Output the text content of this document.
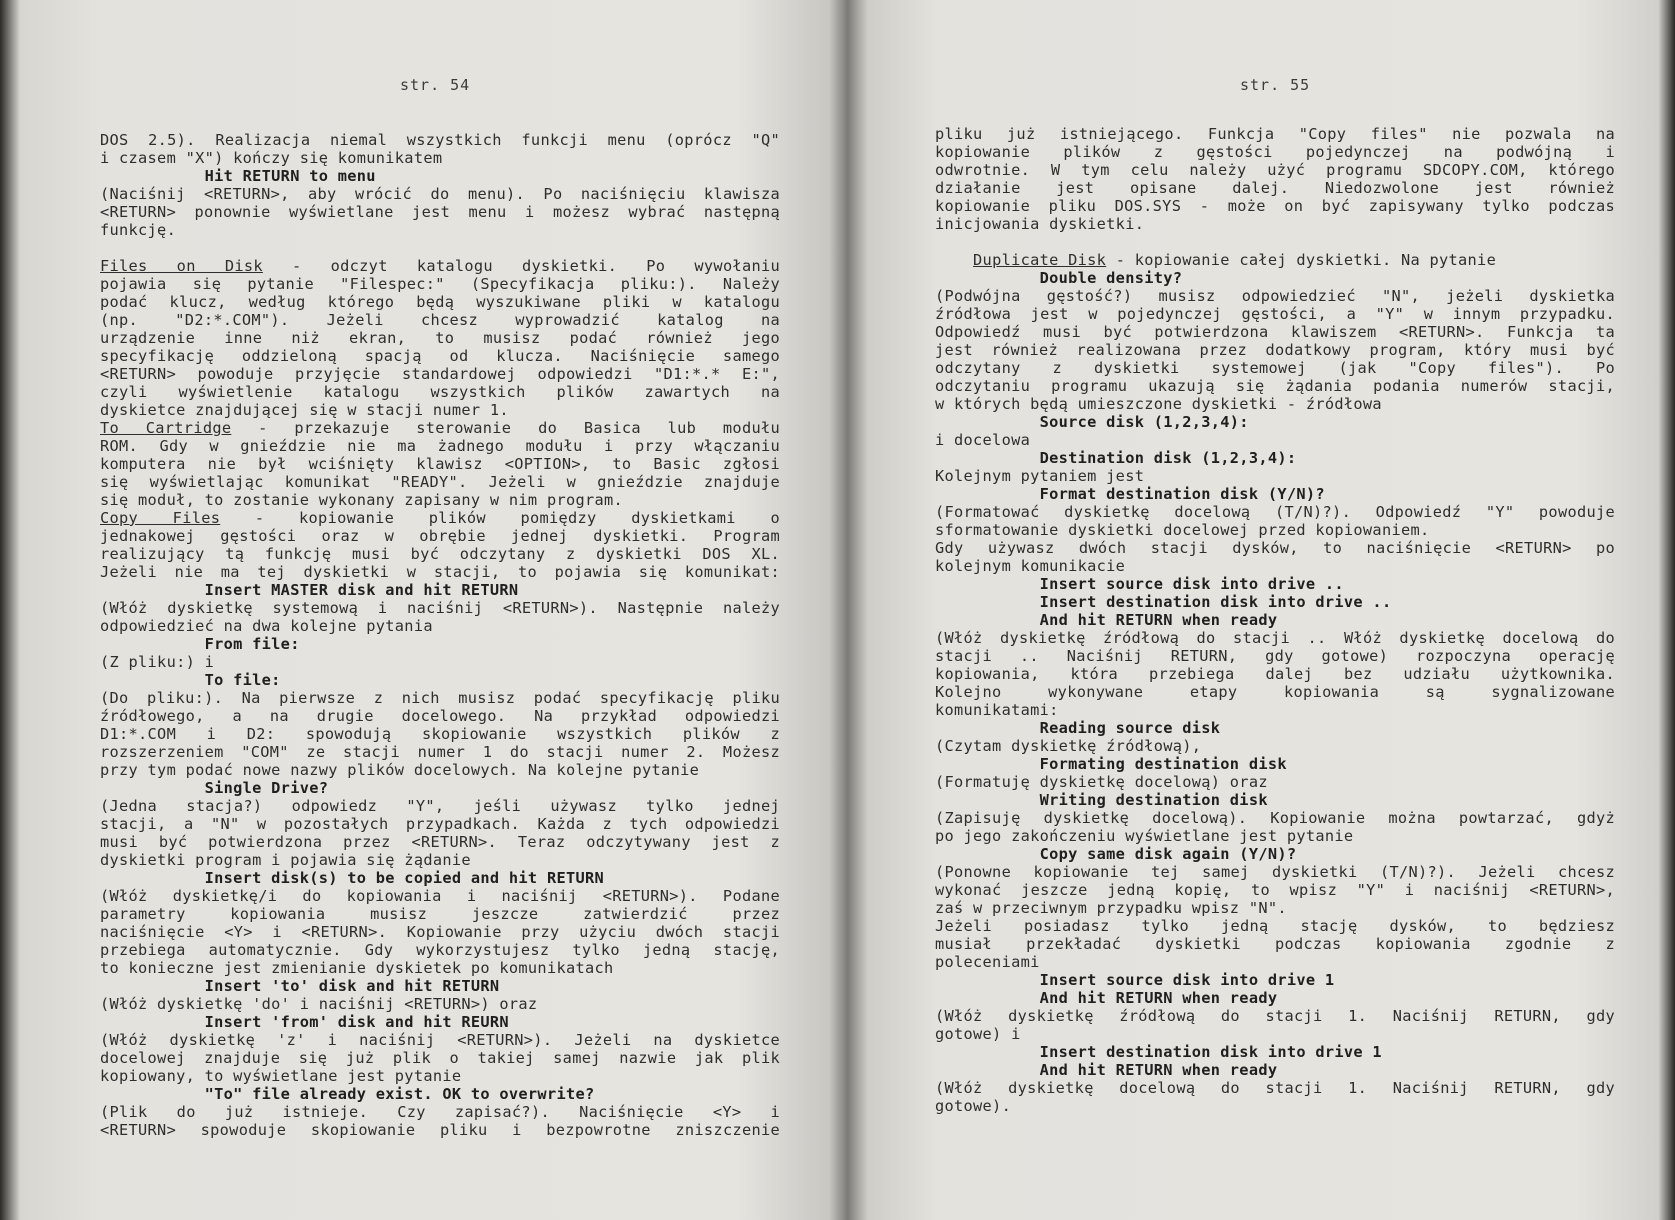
str. 54
DOS 2.5). Realizacja niemal wszystkich funkcji menu (oprócz "Q"
i czasem "X") kończy się komunikatem
Hit RETURN to menu
(Naciśnij <RETURN>, aby wrócić do menu). Po naciśnięciu klawisza
<RETURN> ponownie wyświetlane jest menu i możesz wybrać następną
funkcję.

Files on Disk - odczyt katalogu dyskietki. Po wywołaniu
pojawia się pytanie "Filespec:" (Specyfikacja pliku:). Należy
podać klucz, według którego będą wyszukiwane pliki w katalogu
(np. "D2:*.COM"). Jeżeli chcesz wyprowadzić katalog na
urządzenie inne niż ekran, to musisz podać również jego
specyfikację oddzieloną spacją od klucza. Naciśnięcie samego
<RETURN> powoduje przyjęcie standardowej odpowiedzi "D1:*.* E:",
czyli wyświetlenie katalogu wszystkich plików zawartych na
dyskietce znajdującej się w stacji numer 1.
To Cartridge - przekazuje sterowanie do Basica lub modułu
ROM. Gdy w gnieździe nie ma żadnego modułu i przy włączaniu
komputera nie był wciśnięty klawisz <OPTION>, to Basic zgłosi
się wyświetlając komunikat "READY". Jeżeli w gnieździe znajduje
się moduł, to zostanie wykonany zapisany w nim program.
Copy Files - kopiowanie plików pomiędzy dyskietkami o
jednakowej gęstości oraz w obrębie jednej dyskietki. Program
realizujący tą funkcję musi być odczytany z dyskietki DOS XL.
Jeżeli nie ma tej dyskietki w stacji, to pojawia się komunikat:
Insert MASTER disk and hit RETURN
(Włóż dyskietkę systemową i naciśnij <RETURN>). Następnie należy
odpowiedzieć na dwa kolejne pytania
From file:
(Z pliku:) i
To file:
(Do pliku:). Na pierwsze z nich musisz podać specyfikację pliku
źródłowego, a na drugie docelowego. Na przykład odpowiedzi
D1:*.COM i D2: spowodują skopiowanie wszystkich plików z
rozszerzeniem "COM" ze stacji numer 1 do stacji numer 2. Możesz
przy tym podać nowe nazwy plików docelowych. Na kolejne pytanie
Single Drive?
(Jedna stacja?) odpowiedz "Y", jeśli używasz tylko jednej
stacji, a "N" w pozostałych przypadkach. Każda z tych odpowiedzi
musi być potwierdzona przez <RETURN>. Teraz odczytywany jest z
dyskietki program i pojawia się żądanie
Insert disk(s) to be copied and hit RETURN
(Włóż dyskietkę/i do kopiowania i naciśnij <RETURN>). Podane
parametry kopiowania musisz jeszcze zatwierdzić przez
naciśnięcie <Y> i <RETURN>. Kopiowanie przy użyciu dwóch stacji
przebiega automatycznie. Gdy wykorzystujesz tylko jedną stację,
to konieczne jest zmienianie dyskietek po komunikatach
Insert 'to' disk and hit RETURN
(Włóż dyskietkę 'do' i naciśnij <RETURN>) oraz
Insert 'from' disk and hit REURN
(Włóż dyskietkę 'z' i naciśnij <RETURN>). Jeżeli na dyskietce
docelowej znajduje się już plik o takiej samej nazwie jak plik
kopiowany, to wyświetlane jest pytanie
"To" file already exist. OK to overwrite?
(Plik do już istnieje. Czy zapisać?). Naciśnięcie <Y> i
<RETURN> spowoduje skopiowanie pliku i bezpowrotne zniszczenie
str. 55
pliku już istniejącego. Funkcja "Copy files" nie pozwala na
kopiowanie plików z gęstości pojedynczej na podwójną i
odwrotnie. W tym celu należy użyć programu SDCOPY.COM, którego
działanie jest opisane dalej. Niedozwolone jest również
kopiowanie pliku DOS.SYS - może on być zapisywany tylko podczas
inicjowania dyskietki.

Duplicate Disk - kopiowanie całej dyskietki. Na pytanie
Double density?
(Podwójna gęstość?) musisz odpowiedzieć "N", jeżeli dyskietka
źródłowa jest w pojedynczej gęstości, a "Y" w innym przypadku.
Odpowiedź musi być potwierdzona klawiszem <RETURN>. Funkcja ta
jest również realizowana przez dodatkowy program, który musi być
odczytany z dyskietki systemowej (jak "Copy files"). Po
odczytaniu programu ukazują się żądania podania numerów stacji,
w których będą umieszczone dyskietki - źródłowa
Source disk (1,2,3,4):
i docelowa
Destination disk (1,2,3,4):
Kolejnym pytaniem jest
Format destination disk (Y/N)?
(Formatować dyskietkę docelową (T/N)?). Odpowiedź "Y" powoduje
sformatowanie dyskietki docelowej przed kopiowaniem.
Gdy używasz dwóch stacji dysków, to naciśnięcie <RETURN> po
kolejnym komunikacie
Insert source disk into drive ..
Insert destination disk into drive ..
And hit RETURN when ready
(Włóż dyskietkę źródłową do stacji .. Włóż dyskietkę docelową do
stacji .. Naciśnij RETURN, gdy gotowe) rozpoczyna operację
kopiowania, która przebiega dalej bez udziału użytkownika.
Kolejno wykonywane etapy kopiowania są sygnalizowane
komunikatami:
Reading source disk
(Czytam dyskietkę źródłową),
Formating destination disk
(Formatuję dyskietkę docelową) oraz
Writing destination disk
(Zapisuję dyskietkę docelową). Kopiowanie można powtarzać, gdyż
po jego zakończeniu wyświetlane jest pytanie
Copy same disk again (Y/N)?
(Ponowne kopiowanie tej samej dyskietki (T/N)?). Jeżeli chcesz
wykonać jeszcze jedną kopię, to wpisz "Y" i naciśnij <RETURN>,
zaś w przeciwnym przypadku wpisz "N".
Jeżeli posiadasz tylko jedną stację dysków, to będziesz
musiał przekładać dyskietki podczas kopiowania zgodnie z
poleceniami
Insert source disk into drive 1
And hit RETURN when ready
(Włóż dyskietkę źródłową do stacji 1. Naciśnij RETURN, gdy
gotowe) i
Insert destination disk into drive 1
And hit RETURN when ready
(Włóż dyskietkę docelową do stacji 1. Naciśnij RETURN, gdy
gotowe).
